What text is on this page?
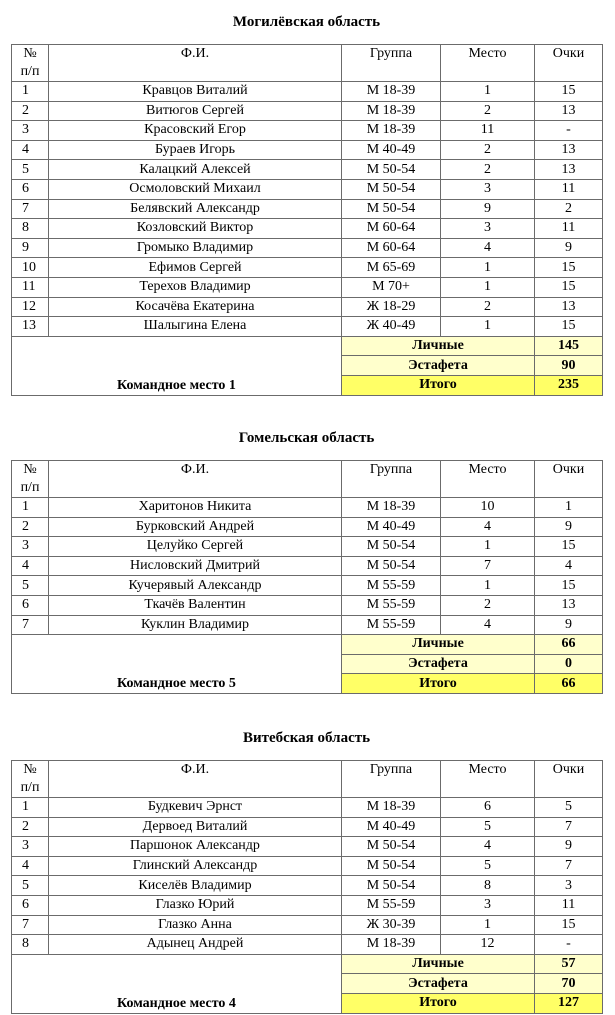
Могилёвская область
№ п/п	Ф.И.	Группа	Место	Очки
1	Кравцов Виталий	М 18-39	1	15
2	Витюгов Сергей	М 18-39	2	13
3	Красовский Егор	М 18-39	11	-
4	Бураев Игорь	М 40-49	2	13
5	Калацкий Алексей	М 50-54	2	13
6	Осмоловский Михаил	М 50-54	3	11
7	Белявский Александр	М 50-54	9	2
8	Козловский Виктор	М 60-64	3	11
9	Громыко Владимир	М 60-64	4	9
10	Ефимов Сергей	М 65-69	1	15
11	Терехов Владимир	М 70+	1	15
12	Косачёва Екатерина	Ж 18-29	2	13
13	Шалыгина Елена	Ж 40-49	1	15
Командное место 1		Личные		145
		Эстафета		90
		Итого		235
Гомельская область
№ п/п	Ф.И.	Группа	Место	Очки
1	Харитонов Никита	М 18-39	10	1
2	Бурковский Андрей	М 40-49	4	9
3	Целуйко Сергей	М 50-54	1	15
4	Нисловский Дмитрий	М 50-54	7	4
5	Кучерявый Александр	М 55-59	1	15
6	Ткачёв Валентин	М 55-59	2	13
7	Куклин Владимир	М 55-59	4	9
Командное место 5		Личные		66
		Эстафета		0
		Итого		66
Витебская область
№ п/п	Ф.И.	Группа	Место	Очки
1	Будкевич Эрнст	М 18-39	6	5
2	Дервоед Виталий	М 40-49	5	7
3	Паршонок Александр	М 50-54	4	9
4	Глинский Александр	М 50-54	5	7
5	Киселёв Владимир	М 50-54	8	3
6	Глазко Юрий	М 55-59	3	11
7	Глазко Анна	Ж 30-39	1	15
8	Адынец Андрей	М 18-39	12	-
Командное место 4		Личные		57
		Эстафета		70
		Итого		127
